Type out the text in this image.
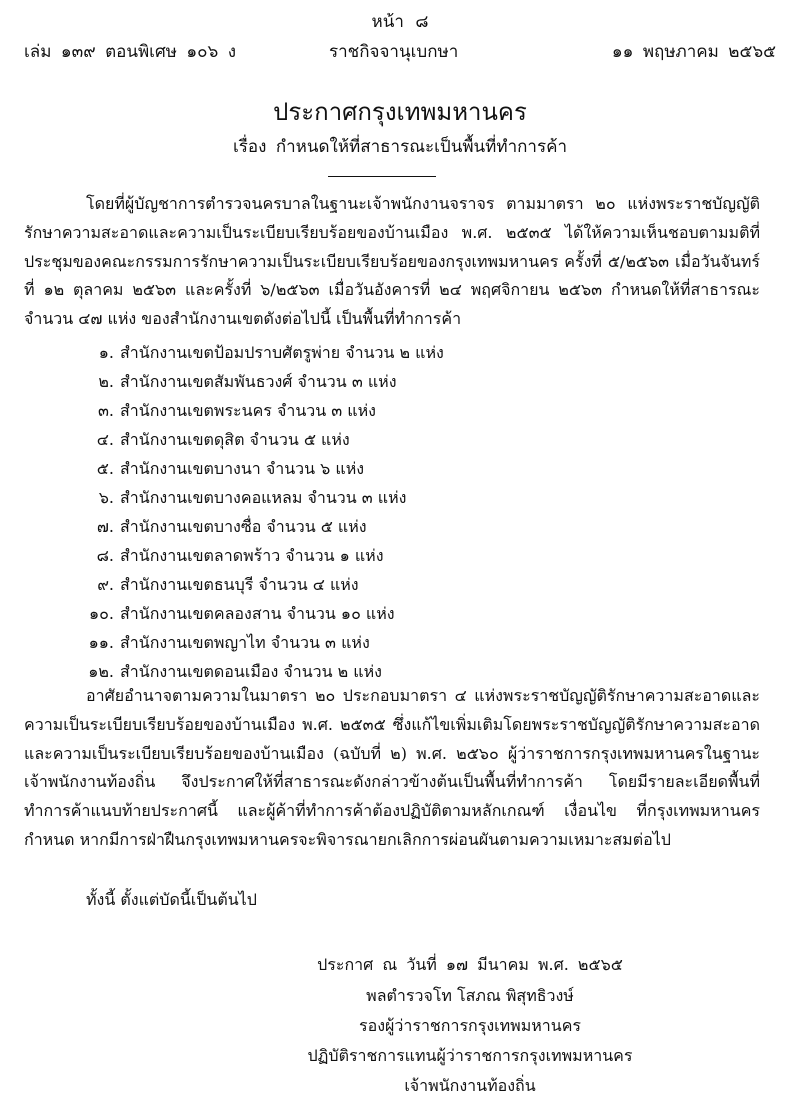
หน้า ๘
เล่ม ๑๓๙ ตอนพิเศษ ๑๐๖ ง	ราชกิจจานุเบกษา	๑๑ พฤษภาคม ๒๕๖๕
ประกาศกรุงเทพมหานคร
เรื่อง กำหนดให้ที่สาธารณะเป็นพื้นที่ทำการค้า
โดยที่ผู้บัญชาการตำรวจนครบาลในฐานะเจ้าพนักงานจราจร ตามมาตรา ๒๐ แห่งพระราชบัญญัติรักษาความสะอาดและความเป็นระเบียบเรียบร้อยของบ้านเมือง พ.ศ. ๒๕๓๕ ได้ให้ความเห็นชอบตามมติที่ประชุมของคณะกรรมการรักษาความเป็นระเบียบเรียบร้อยของกรุงเทพมหานคร ครั้งที่ ๕/๒๕๖๓ เมื่อวันจันทร์ที่ ๑๒ ตุลาคม ๒๕๖๓ และครั้งที่ ๖/๒๕๖๓ เมื่อวันอังคารที่ ๒๔ พฤศจิกายน ๒๕๖๓ กำหนดให้ที่สาธารณะ จำนวน ๔๗ แห่ง ของสำนักงานเขตดังต่อไปนี้ เป็นพื้นที่ทำการค้า
๑. สำนักงานเขตป้อมปราบศัตรูพ่าย จำนวน ๒ แห่ง
๒. สำนักงานเขตสัมพันธวงศ์ จำนวน ๓ แห่ง
๓. สำนักงานเขตพระนคร จำนวน ๓ แห่ง
๔. สำนักงานเขตดุสิต จำนวน ๕ แห่ง
๕. สำนักงานเขตบางนา จำนวน ๖ แห่ง
๖. สำนักงานเขตบางคอแหลม จำนวน ๓ แห่ง
๗. สำนักงานเขตบางซื่อ จำนวน ๕ แห่ง
๘. สำนักงานเขตลาดพร้าว จำนวน ๑ แห่ง
๙. สำนักงานเขตธนบุรี จำนวน ๔ แห่ง
๑๐. สำนักงานเขตคลองสาน จำนวน ๑๐ แห่ง
๑๑. สำนักงานเขตพญาไท จำนวน ๓ แห่ง
๑๒. สำนักงานเขตดอนเมือง จำนวน ๒ แห่ง
อาศัยอำนาจตามความในมาตรา ๒๐ ประกอบมาตรา ๔ แห่งพระราชบัญญัติรักษาความสะอาดและความเป็นระเบียบเรียบร้อยของบ้านเมือง พ.ศ. ๒๕๓๕ ซึ่งแก้ไขเพิ่มเติมโดยพระราชบัญญัติรักษาความสะอาด และความเป็นระเบียบเรียบร้อยของบ้านเมือง (ฉบับที่ ๒) พ.ศ. ๒๕๖๐ ผู้ว่าราชการกรุงเทพมหานครในฐานะเจ้าพนักงานท้องถิ่น จึงประกาศให้ที่สาธารณะดังกล่าวข้างต้นเป็นพื้นที่ทำการค้า โดยมีรายละเอียดพื้นที่ทำการค้าแนบท้ายประกาศนี้ และผู้ค้าที่ทำการค้าต้องปฏิบัติตามหลักเกณฑ์ เงื่อนไข ที่กรุงเทพมหานครกำหนด หากมีการฝ่าฝืนกรุงเทพมหานครจะพิจารณายกเลิกการผ่อนผันตามความเหมาะสมต่อไป
ทั้งนี้ ตั้งแต่บัดนี้เป็นต้นไป
ประกาศ ณ วันที่ ๑๗ มีนาคม พ.ศ. ๒๕๖๕
พลตำรวจโท โสภณ พิสุทธิวงษ์
รองผู้ว่าราชการกรุงเทพมหานคร
ปฏิบัติราชการแทนผู้ว่าราชการกรุงเทพมหานคร
เจ้าพนักงานท้องถิ่น
